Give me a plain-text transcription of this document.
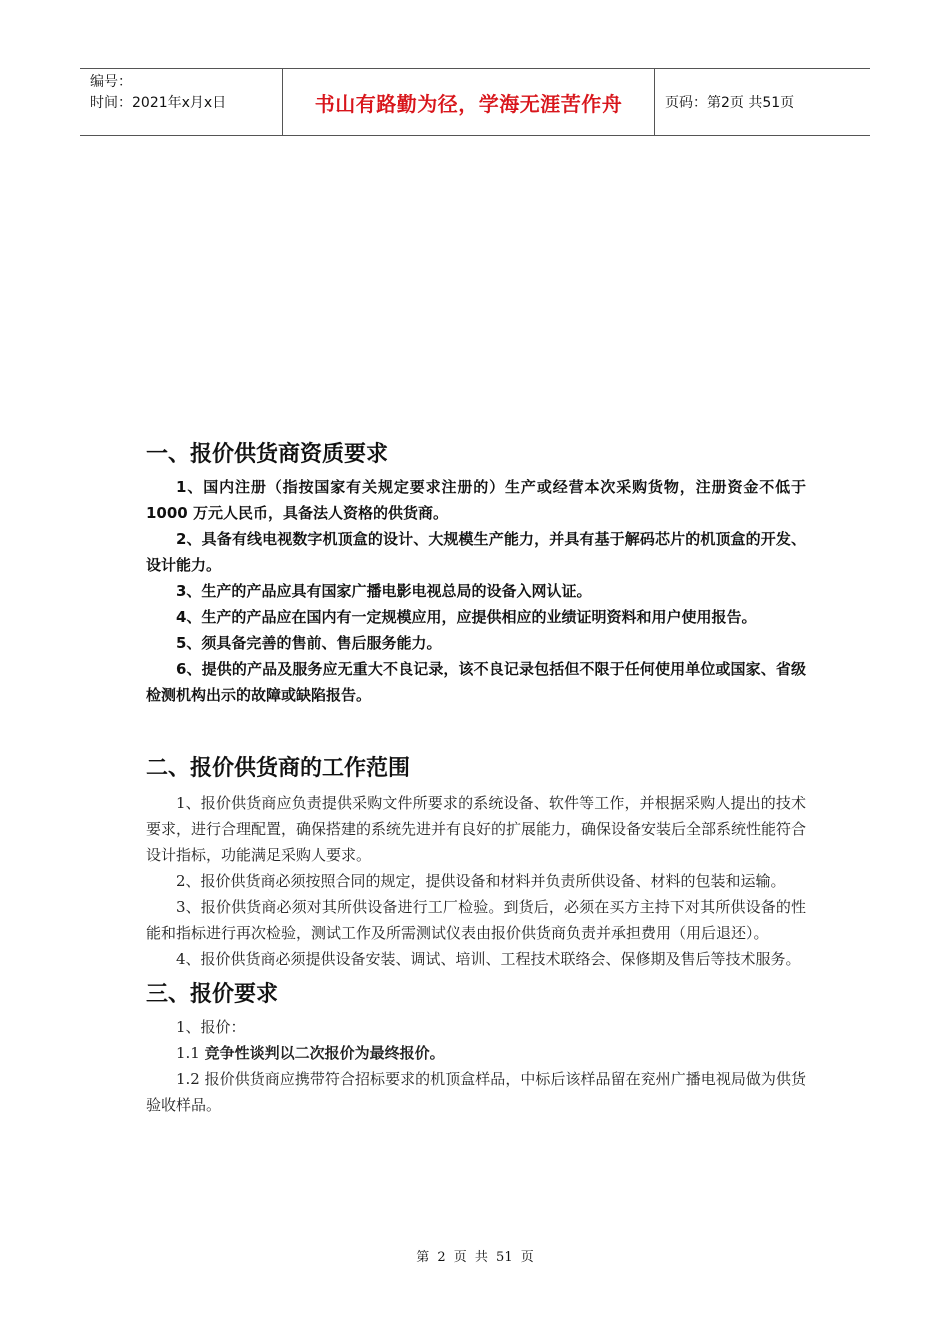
编号：
时间：2021年x月x日	书山有路勤为径，学海无涯苦作舟	页码：第2页 共51页
一、报价供货商资质要求

1、国内注册（指按国家有关规定要求注册的）生产或经营本次采购货物，注册资金不低于 1000 万元人民币，具备法人资格的供货商。

2、具备有线电视数字机顶盒的设计、大规模生产能力，并具有基于解码芯片的机顶盒的开发、设计能力。

3、生产的产品应具有国家广播电影电视总局的设备入网认证。

4、生产的产品应在国内有一定规模应用，应提供相应的业绩证明资料和用户使用报告。

5、须具备完善的售前、售后服务能力。

6、提供的产品及服务应无重大不良记录，该不良记录包括但不限于任何使用单位或国家、省级检测机构出示的故障或缺陷报告。

二、报价供货商的工作范围

1、报价供货商应负责提供采购文件所要求的系统设备、软件等工作，并根据采购人提出的技术要求，进行合理配置，确保搭建的系统先进并有良好的扩展能力，确保设备安装后全部系统性能符合设计指标，功能满足采购人要求。

2、报价供货商必须按照合同的规定，提供设备和材料并负责所供设备、材料的包装和运输。

3、报价供货商必须对其所供设备进行工厂检验。到货后，必须在买方主持下对其所供设备的性能和指标进行再次检验，测试工作及所需测试仪表由报价供货商负责并承担费用（用后退还）。

4、报价供货商必须提供设备安装、调试、培训、工程技术联络会、保修期及售后等技术服务。

三、报价要求

1、报价：

1.1 竞争性谈判以二次报价为最终报价。

1.2 报价供货商应携带符合招标要求的机顶盒样品，中标后该样品留在兖州广播电视局做为供货验收样品。

第 2 页 共 51 页
